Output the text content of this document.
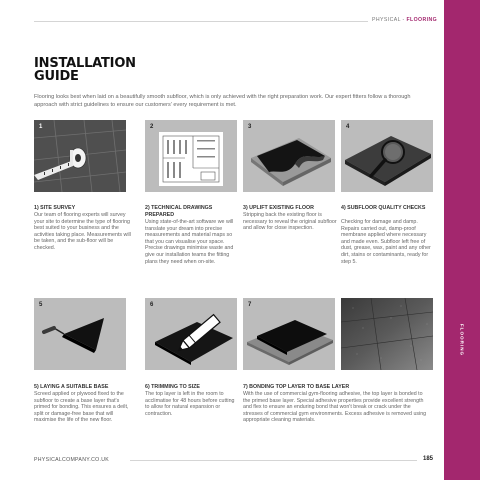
PHYSICAL - FLOORING
FLOORING
INSTALLATION GUIDE

Flooring looks best when laid on a beautifully smooth subfloor, which is only achieved with the right preparation work. Our expert fitters follow a thorough approach with strict guidelines to ensure our customers' every requirement is met.

1	2	3	4
1) SITE SURVEY
Our team of flooring experts will survey your site to determine the type of flooring best suited to your business and the activities taking place. Measurements will be taken, and the sub-floor will be checked.
2) TECHNICAL DRAWINGS PREPARED
Using state-of-the-art software we will translate your dream into precise measurements and material maps so that you can visualise your space. Precise drawings minimise waste and give our installation teams the fitting plans they need when on-site.
3) UPLIFT EXISTING FLOOR
Stripping back the existing floor is necessary to reveal the original subfloor and allow for close inspection.
4) SUBFLOOR QUALITY CHECKS
Checking for damage and damp. Repairs carried out, damp-proof membrane applied where necessary and made even. Subfloor left free of dust, grease, wax, paint and any other dirt, stains or contaminants, ready for step 5.
5	6	7
5) LAYING A SUITABLE BASE
Screed applied or plywood fixed to the subfloor to create a base layer that's primed for bonding. This ensures a deilt, split or damage-free base that will maximise the life of the new floor.
6) TRIMMING TO SIZE
The top layer is left in the room to acclimatise for 48 hours before cutting to allow for natural expansion or contraction.
7) BONDING TOP LAYER TO BASE LAYER
With the use of commercial gym-flooring adhesive, the top layer is bonded to the primed base layer. Special adhesive properties provide excellent strength and flex to ensure an enduring bond that won't break or crack under the stresses of commercial gym environments. Excess adhesive is removed using appropriate cleaning materials.
PHYSICALCOMPANY.CO.UK	185
